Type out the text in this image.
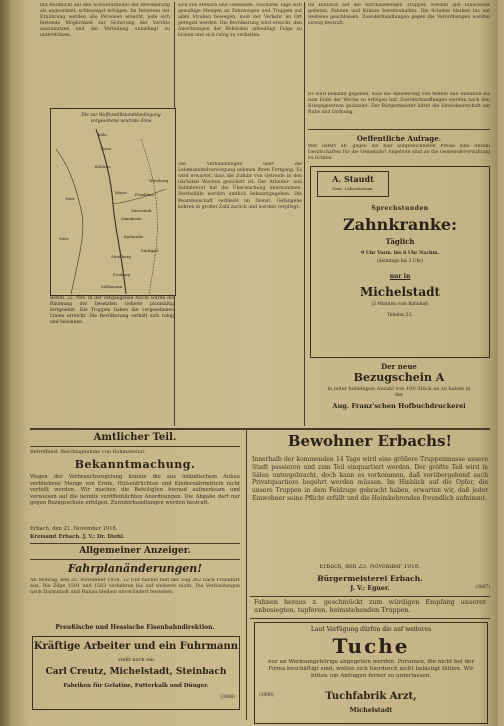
mit Rücksicht auf den Schwerarbeiter der Bevölkerung als angeordnet, schleunigst erfolgen. Im Interesse der Ernährung werden alle Personen ersucht, jede sich bietende Möglichkeit zur Sicherung der Vorräte auszunutzen und die Verteilung unbedingt zu unterstützen.
sich von Mensch und Gemeinde. Nachdem Tage sich gewaltige Mengen an Fahrzeugen und Truppen auf allen Straßen bewegen, muß der Verkehr im Ort geregelt werden. Die Bevölkerung wird ersucht, den Anordnungen der Behörden unbedingt Folge zu leisten und sich ruhig zu verhalten.
Im Hinblick auf die durchziehenden Truppen werden alle Einwohner gebeten, Fahnen und Kränze bereitzuhalten. Die Schulen bleiben bis auf weiteres geschlossen. Zuwiderhandlungen gegen die Verordnungen werden streng bestraft.
Die zur Waffenstillstandsbedingung vorgesehene neutrale Zone
Köln
Bonn
Koblenz
Mainz
Mannheim
Karlsruhe
Straßburg
Freiburg
Mülhausen
Stuttgart
Frankfurt
Trier
Metz
Darmstadt
Würzburg
Berlin, 22. Nov. In der vergangenen Nacht wurde die Räumung der besetzten Gebiete planmäßig fortgesetzt. Die Truppen haben die vorgesehenen Linien erreicht. Die Bevölkerung verhält sich ruhig und besonnen.
Die Verhandlungen über die Lebensmittelversorgung nehmen ihren Fortgang. Es wird erwartet, dass die Zufuhr von Getreide in den nächsten Wochen gesichert ist. Der Arbeiter- und Soldatenrat hat die Überwachung übernommen. Sterbefälle werden amtlich bekanntgegeben. Die Beamtenschaft verbleibt im Dienst. Gefangene kehren in großer Zahl zurück und werden verpflegt.
Es wird bekannt gegeben, dass die Ablieferung von Waffen und Munition bis zum Ende der Woche zu erfolgen hat. Zuwiderhandlungen werden nach den Kriegsgesetzen geahndet. Der Bürgermeister bittet die Einwohnerschaft um Ruhe und Ordnung.
Oeffentliche Aufrage.
Wer liefert ab, gegen die hier aufgezeichneten Preise eine Anzahl Gerätschaften für die Gemeinde? Angebote sind an die Gemeindeverwaltung zu richten.
A. Staudt
Dent. Laboratorium.
Sprechstunden
Zahnkranke:
Täglich
9 Uhr Vorm. bis 6 Uhr Nachm.
(Sonntags bis 2 Uhr)
nur in
Michelstadt
(3 Minuten vom Bahnhof)
Telefon 23.
Der neue
Bezugschein A
in jeder beliebigen Anzahl von 100 Stück an zu haben in der
Aug. Franz'schen Hofbuchdruckerei
Amtlicher Teil.
Betreffend: Beschlagnahme von Rohmaterial.
Bekanntmachung.
Wegen der Verbrauchsregelung konnte die aus inländischem Anbau verbliebene Menge von Ernte, Hülsenfrüchten und Kindernährmitteln nicht verteilt werden. Wir machen die Beteiligten hierauf aufmerksam und verweisen auf die bereits veröffentlichten Anordnungen. Die Abgabe darf nur gegen Bezugsschein erfolgen. Zuwiderhandlungen werden bestraft.
Erbach, den 21. November 1918.
Kreisamt Erbach. J. V.: Dr. Diehl.
Allgemeiner Anzeiger.
Fahrplanänderungen!
Ab Montag, den 25. November 1918, 12 Uhr nachts fällt der Zug 362 nach Frankfurt aus. Die Züge 1501 und 1503 verkehren bis auf weiteres nicht. Die Verbindungen nach Darmstadt und Hanau bleiben unverändert bestehen.
Preußische und Hessische Eisenbahndirektion.
Kräftige Arbeiter und ein Fuhrmann
stellt noch ein
Carl Creutz, Michelstadt, Steinbach
Fabriken für Gelatine, Futterkalk und Dünger.
(3086)
Bewohner Erbachs!
Innerhalb der kommenden 14 Tage wird eine größere Truppenmasse unsere Stadt passieren und zum Teil einquartiert werden. Der größte Teil wird in Sälen untergebracht, doch kann es vorkommen, daß vorübergehend auch Privatquartiere begehrt werden müssen. Im Hinblick auf die Opfer, die unsere Truppen in dem Feldzuge gebracht haben, erwarten wir, daß jeder Einwohner seine Pflicht erfüllt und die Heimkehrenden freundlich aufnimmt.
Erbach, den 25. November 1918.
Bürgermeisterei Erbach.
J. V.: Egner.	(3087)
Fahnen heraus z. geschmückt zum würdigen Empfang unserer unbesiegten, tapferen, heimstehenden Truppen.
Laut Verfügung dürfen die auf weiteres
Tuche
nur an Werksangehörige abgegeben werden. Personen, die nicht bei der Firma beschäftigt sind, wollen sich hierdurch nicht belästigt fühlen. Wir bitten um Anfragen ferner zu unterlassen.
Tuchfabrik Arzt,
Michelstadt
(3090)
